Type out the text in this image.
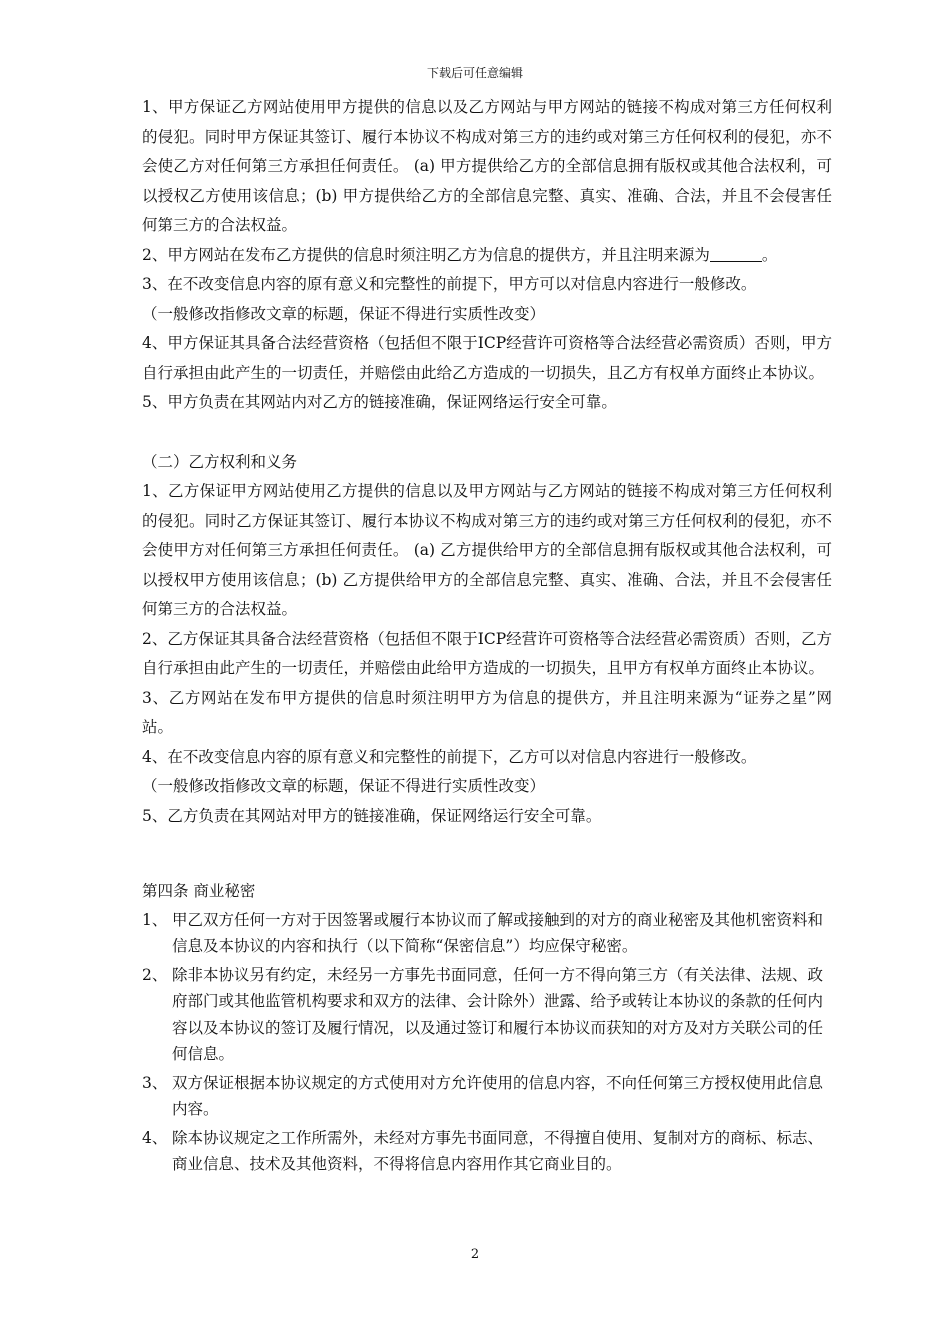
下载后可任意编辑

1、甲方保证乙方网站使用甲方提供的信息以及乙方网站与甲方网站的链接不构成对第三方任何权利的侵犯。同时甲方保证其签订、履行本协议不构成对第三方的违约或对第三方任何权利的侵犯，亦不会使乙方对任何第三方承担任何责任。 (a) 甲方提供给乙方的全部信息拥有版权或其他合法权利，可以授权乙方使用该信息；(b) 甲方提供给乙方的全部信息完整、真实、准确、合法，并且不会侵害任何第三方的合法权益。

2、甲方网站在发布乙方提供的信息时须注明乙方为信息的提供方，并且注明来源为	。

3、在不改变信息内容的原有意义和完整性的前提下，甲方可以对信息内容进行一般修改。

（一般修改指修改文章的标题，保证不得进行实质性改变）

4、甲方保证其具备合法经营资格（包括但不限于ICP经营许可资格等合法经营必需资质）否则，甲方自行承担由此产生的一切责任，并赔偿由此给乙方造成的一切损失，且乙方有权单方面终止本协议。

5、甲方负责在其网站内对乙方的链接准确，保证网络运行安全可靠。

（二）乙方权利和义务

1、乙方保证甲方网站使用乙方提供的信息以及甲方网站与乙方网站的链接不构成对第三方任何权利的侵犯。同时乙方保证其签订、履行本协议不构成对第三方的违约或对第三方任何权利的侵犯，亦不会使甲方对任何第三方承担任何责任。 (a) 乙方提供给甲方的全部信息拥有版权或其他合法权利，可以授权甲方使用该信息；(b) 乙方提供给甲方的全部信息完整、真实、准确、合法，并且不会侵害任何第三方的合法权益。

2、乙方保证其具备合法经营资格（包括但不限于ICP经营许可资格等合法经营必需资质）否则，乙方自行承担由此产生的一切责任，并赔偿由此给甲方造成的一切损失，且甲方有权单方面终止本协议。

3、乙方网站在发布甲方提供的信息时须注明甲方为信息的提供方，并且注明来源为“证券之星”网站。

4、在不改变信息内容的原有意义和完整性的前提下，乙方可以对信息内容进行一般修改。

（一般修改指修改文章的标题，保证不得进行实质性改变）

5、乙方负责在其网站对甲方的链接准确，保证网络运行安全可靠。

第四条 商业秘密

1、 甲乙双方任何一方对于因签署或履行本协议而了解或接触到的对方的商业秘密及其他机密资料和信息及本协议的内容和执行（以下简称“保密信息”）均应保守秘密。

2、 除非本协议另有约定，未经另一方事先书面同意，任何一方不得向第三方（有关法律、法规、政府部门或其他监管机构要求和双方的法律、会计除外）泄露、给予或转让本协议的条款的任何内容以及本协议的签订及履行情况，以及通过签订和履行本协议而获知的对方及对方关联公司的任何信息。

3、 双方保证根据本协议规定的方式使用对方允许使用的信息内容，不向任何第三方授权使用此信息内容。

4、 除本协议规定之工作所需外，未经对方事先书面同意，不得擅自使用、复制对方的商标、标志、商业信息、技术及其他资料，不得将信息内容用作其它商业目的。

2
